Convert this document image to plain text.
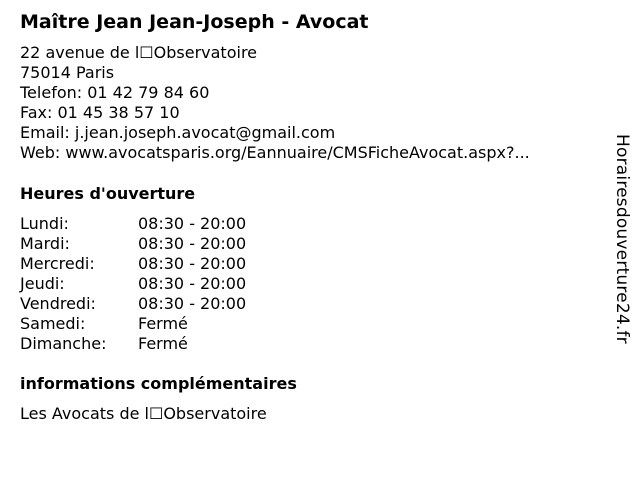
Maître Jean Jean-Joseph - Avocat
22 avenue de l☐Observatoire
75014 Paris
Telefon: 01 42 79 84 60
Fax: 01 45 38 57 10
Email: j.jean.joseph.avocat@gmail.com
Web: www.avocatsparis.org/Eannuaire/CMSFicheAvocat.aspx?...
Heures d'ouverture
Lundi:	08:30 - 20:00
Mardi:	08:30 - 20:00
Mercredi:	08:30 - 20:00
Jeudi:	08:30 - 20:00
Vendredi:	08:30 - 20:00
Samedi:	Fermé
Dimanche: Fermé
informations complémentaires
Les Avocats de l☐Observatoire
Horairesdouverture24.fr
